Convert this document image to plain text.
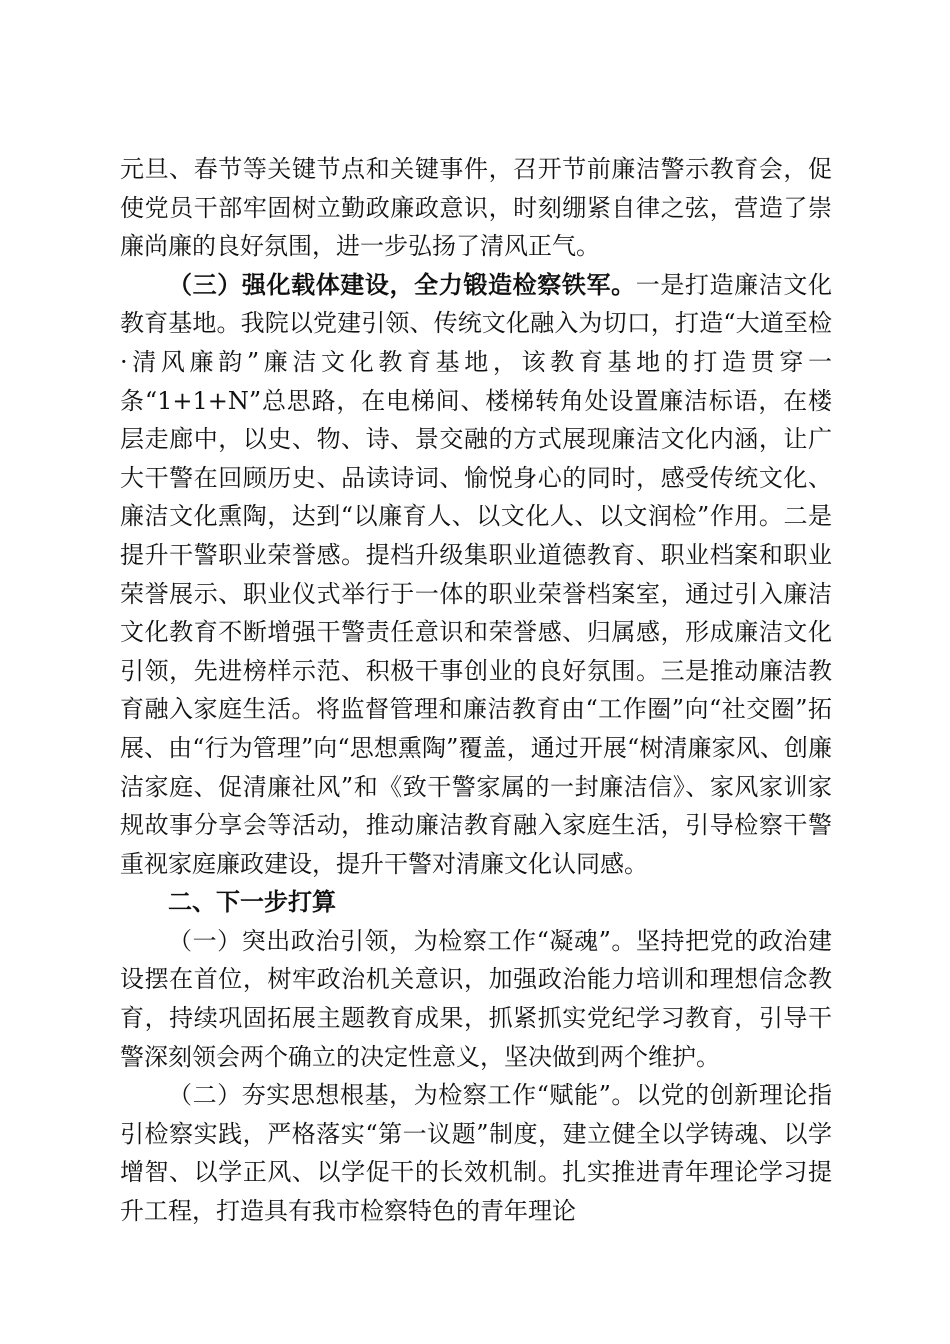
元旦、春节等关键节点和关键事件，召开节前廉洁警示教育会，促使党员干部牢固树立勤政廉政意识，时刻绷紧自律之弦，营造了崇廉尚廉的良好氛围，进一步弘扬了清风正气。

（三）强化载体建设，全力锻造检察铁军。一是打造廉洁文化教育基地。我院以党建引领、传统文化融入为切口，打造“大道至检·清风廉韵”廉洁文化教育基地，该教育基地的打造贯穿一条“1+1+N”总思路，在电梯间、楼梯转角处设置廉洁标语，在楼层走廊中，以史、物、诗、景交融的方式展现廉洁文化内涵，让广大干警在回顾历史、品读诗词、愉悦身心的同时，感受传统文化、廉洁文化熏陶，达到“以廉育人、以文化人、以文润检”作用。二是提升干警职业荣誉感。提档升级集职业道德教育、职业档案和职业荣誉展示、职业仪式举行于一体的职业荣誉档案室，通过引入廉洁文化教育不断增强干警责任意识和荣誉感、归属感，形成廉洁文化引领，先进榜样示范、积极干事创业的良好氛围。三是推动廉洁教育融入家庭生活。将监督管理和廉洁教育由“工作圈”向“社交圈”拓展、由“行为管理”向“思想熏陶”覆盖，通过开展“树清廉家风、创廉洁家庭、促清廉社风”和《致干警家属的一封廉洁信》、家风家训家规故事分享会等活动，推动廉洁教育融入家庭生活，引导检察干警重视家庭廉政建设，提升干警对清廉文化认同感。

二、下一步打算

（一）突出政治引领，为检察工作“凝魂”。坚持把党的政治建设摆在首位，树牢政治机关意识，加强政治能力培训和理想信念教育，持续巩固拓展主题教育成果，抓紧抓实党纪学习教育，引导干警深刻领会两个确立的决定性意义，坚决做到两个维护。

（二）夯实思想根基，为检察工作“赋能”。以党的创新理论指引检察实践，严格落实“第一议题”制度，建立健全以学铸魂、以学增智、以学正风、以学促干的长效机制。扎实推进青年理论学习提升工程，打造具有我市检察特色的青年理论
